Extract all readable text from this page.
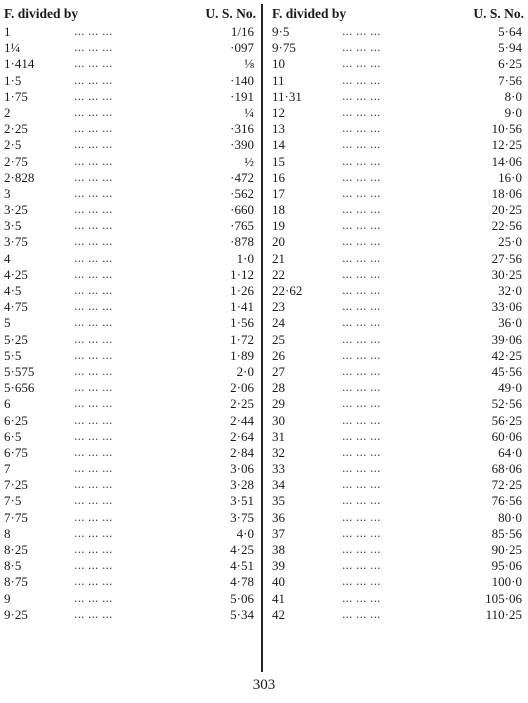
F. divided by	U. S. No.
1	... ... ...	1/16
1¼	... ... ...	·097
1·414	... ... ...	⅛
1·5	... ... ...	·140
1·75	... ... ...	·191
2	... ... ...	¼
2·25	... ... ...	·316
2·5	... ... ...	·390
2·75	... ... ...	½
2·828	... ... ...	·472
3	... ... ...	·562
3·25	... ... ...	·660
3·5	... ... ...	·765
3·75	... ... ...	·878
4	... ... ...	1·0
4·25	... ... ...	1·12
4·5	... ... ...	1·26
4·75	... ... ...	1·41
5	... ... ...	1·56
5·25	... ... ...	1·72
5·5	... ... ...	1·89
5·575	... ... ...	2·0
5·656	... ... ...	2·06
6	... ... ...	2·25
6·25	... ... ...	2·44
6·5	... ... ...	2·64
6·75	... ... ...	2·84
7	... ... ...	3·06
7·25	... ... ...	3·28
7·5	... ... ...	3·51
7·75	... ... ...	3·75
8	... ... ...	4·0
8·25	... ... ...	4·25
8·5	... ... ...	4·51
8·75	... ... ...	4·78
9	... ... ...	5·06
9·25	... ... ...	5·34
F. divided by	U. S. No.
9·5	... ... ...	5·64
9·75	... ... ...	5·94
10	... ... ...	6·25
11	... ... ...	7·56
11·31	... ... ...	8·0
12	... ... ...	9·0
13	... ... ...	10·56
14	... ... ...	12·25
15	... ... ...	14·06
16	... ... ...	16·0
17	... ... ...	18·06
18	... ... ...	20·25
19	... ... ...	22·56
20	... ... ...	25·0
21	... ... ...	27·56
22	... ... ...	30·25
22·62	... ... ...	32·0
23	... ... ...	33·06
24	... ... ...	36·0
25	... ... ...	39·06
26	... ... ...	42·25
27	... ... ...	45·56
28	... ... ...	49·0
29	... ... ...	52·56
30	... ... ...	56·25
31	... ... ...	60·06
32	... ... ...	64·0
33	... ... ...	68·06
34	... ... ...	72·25
35	... ... ...	76·56
36	... ... ...	80·0
37	... ... ...	85·56
38	... ... ...	90·25
39	... ... ...	95·06
40	... ... ...	100·0
41	... ... ...	105·06
42	... ... ...	110·25
303
